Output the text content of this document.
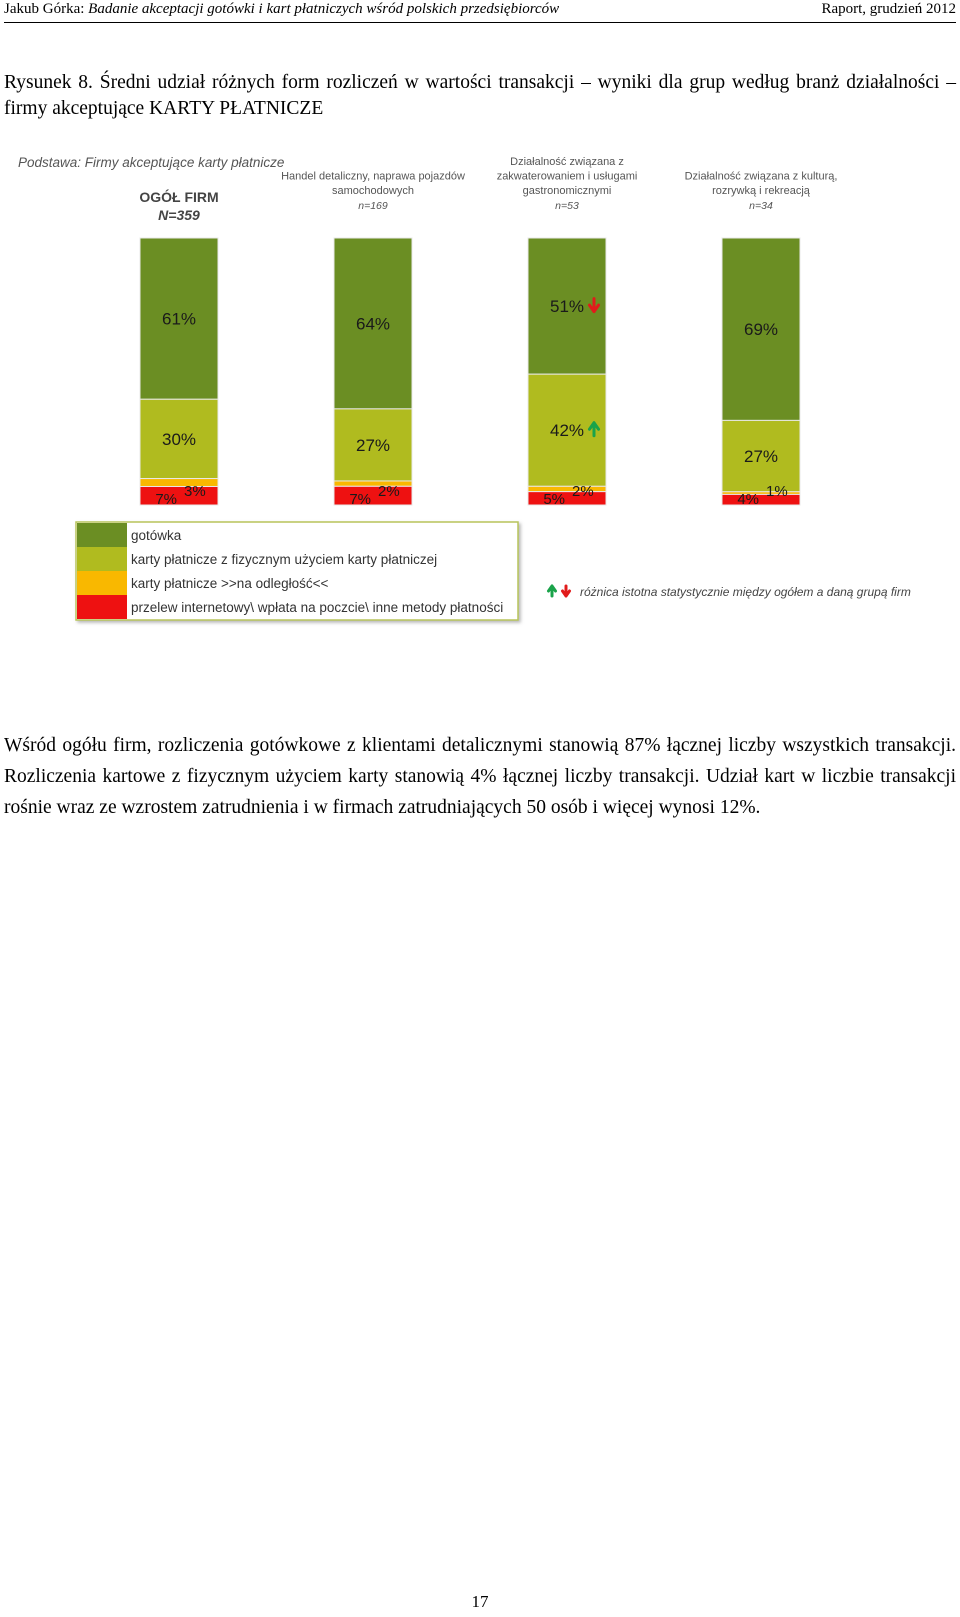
Jakub Górka: Badanie akceptacji gotówki i kart płatniczych wśród polskich przedsiębiorców	Raport, grudzień 2012
Rysunek 8. Średni udział różnych form rozliczeń w wartości transakcji – wyniki dla grup według branż działalności – firmy akceptujące KARTY PŁATNICZE
Podstawa: Firmy akceptujące karty płatnicze
OGÓŁ FIRM
N=359
61%
30%
7% 3%
Handel detaliczny, naprawa pojazdów
samochodowych
n=169
64%
27%
7% 2%
Działalność związana z
zakwaterowaniem i usługami
gastronomicznymi
n=53
51%
42%
5% 2%
Działalność związana z kulturą,
rozrywką i rekreacją
n=34
69%
27%
4% 1%
gotówka
karty płatnicze z fizycznym użyciem karty płatniczej
karty płatnicze >>na odległość<<
przelew internetowy\ wpłata na poczcie\ inne metody płatności
różnica istotna statystycznie między ogółem a daną grupą firm

Wśród ogółu firm, rozliczenia gotówkowe z klientami detalicznymi stanowią 87% łącznej liczby wszystkich transakcji. Rozliczenia kartowe z fizycznym użyciem karty stanowią 4% łącznej liczby transakcji. Udział kart w liczbie transakcji rośnie wraz ze wzrostem zatrudnienia i w firmach zatrudniających 50 osób i więcej wynosi 12%.

17
